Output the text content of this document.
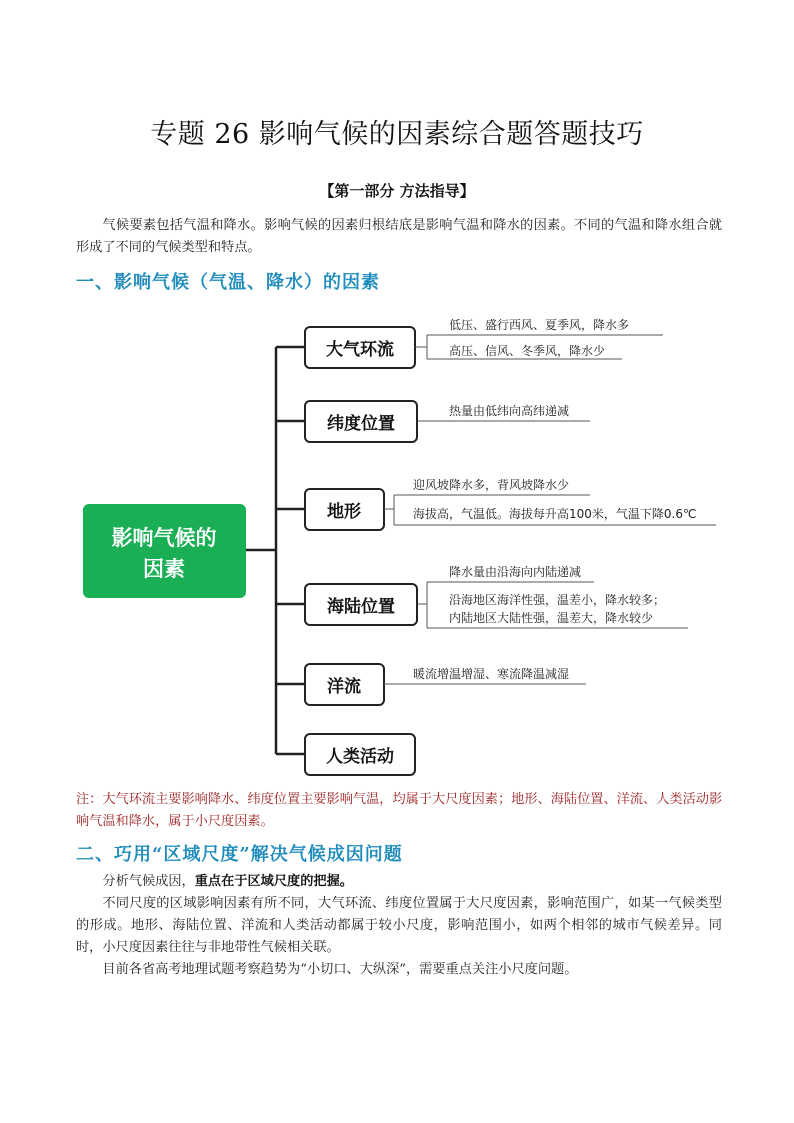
专题 26 影响气候的因素综合题答题技巧
【第一部分 方法指导】
气候要素包括气温和降水。影响气候的因素归根结底是影响气温和降水的因素。不同的气温和降水组合就形成了不同的气候类型和特点。
一、影响气候（气温、降水）的因素
影响气候的
因素
大气环流
低压、盛行西风、夏季风，降水多
高压、信风、冬季风，降水少
纬度位置
热量由低纬向高纬递减
地形
迎风坡降水多，背风坡降水少
海拔高，气温低。海拔每升高100米，气温下降0.6℃
海陆位置
降水量由沿海向内陆递减
沿海地区海洋性强，温差小，降水较多；
内陆地区大陆性强，温差大，降水较少
洋流
暖流增温增湿、寒流降温减湿
人类活动
注：大气环流主要影响降水、纬度位置主要影响气温，均属于大尺度因素；地形、海陆位置、洋流、人类活动影响气温和降水，属于小尺度因素。
二、巧用“区域尺度”解决气候成因问题
分析气候成因，重点在于区域尺度的把握。
不同尺度的区域影响因素有所不同，大气环流、纬度位置属于大尺度因素，影响范围广，如某一气候类型的形成。地形、海陆位置、洋流和人类活动都属于较小尺度，影响范围小，如两个相邻的城市气候差异。同时，小尺度因素往往与非地带性气候相关联。
目前各省高考地理试题考察趋势为“小切口、大纵深”，需要重点关注小尺度问题。
